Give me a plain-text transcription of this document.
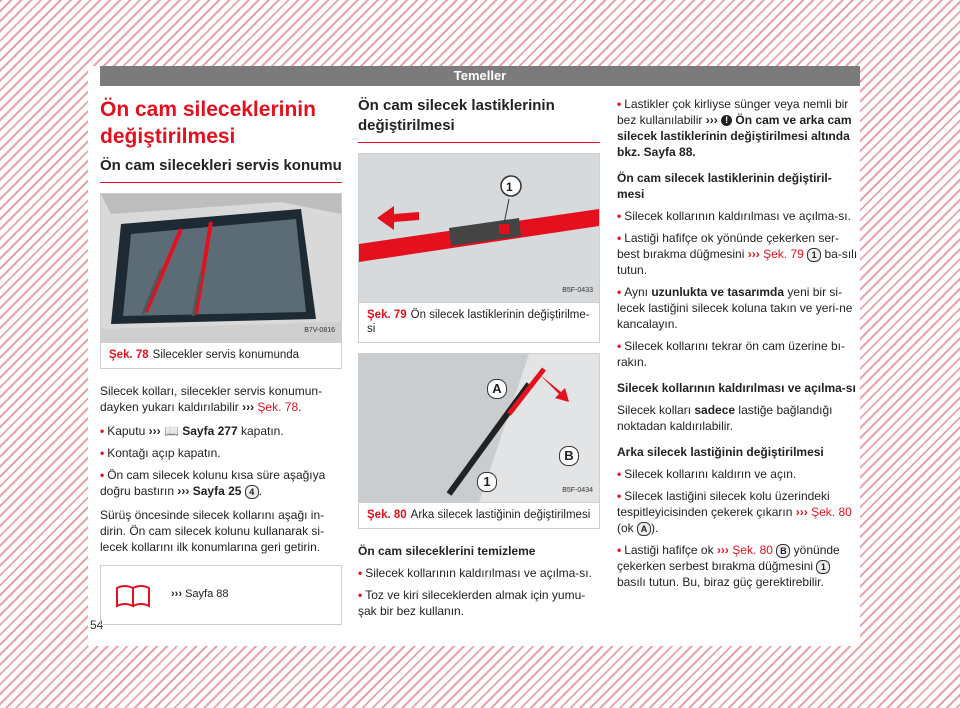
Temeller
54
Ön cam sileceklerinin değiştirilmesi
Ön cam silecekleri servis konumu
B7V-0816
Şek. 78 Silecekler servis konumunda

Silecek kolları, silecekler servis konumun-dayken yukarı kaldırılabilir ››› Şek. 78.

• Kaputu ››› 📖 Sayfa 277 kapatın.
• Kontağı açıp kapatın.
• Ön cam silecek kolunu kısa süre aşağıya doğru bastırın ››› Sayfa 25 4 .

Sürüş öncesinde silecek kollarını aşağı in-dirin. Ön cam silecek kolunu kullanarak si-lecek kollarını ilk konumlarına geri getirin.

››› Sayfa 88
Ön cam silecek lastiklerinin değiştirilmesi
1
B5F-0433
Şek. 79 Ön silecek lastiklerinin değiştirilme-si
A
B
1
B5F-0434
Şek. 80 Arka silecek lastiğinin değiştirilmesi
Ön cam sileceklerini temizleme
• Silecek kollarının kaldırılması ve açılma-sı.
• Toz ve kiri sileceklerden almak için yumu-şak bir bez kullanın.
• Lastikler çok kirliyse sünger veya nemli bir bez kullanılabilir ››› ! Ön cam ve arka cam silecek lastiklerinin değiştirilmesi altında bkz. Sayfa 88.
Ön cam silecek lastiklerinin değiştiril-mesi
• Silecek kollarının kaldırılması ve açılma-sı.
• Lastiği hafifçe ok yönünde çekerken ser-best bırakma düğmesini ››› Şek. 79 1 ba-sılı tutun.
• Aynı uzunlukta ve tasarımda yeni bir si-lecek lastiğini silecek koluna takın ve yeri-ne kancalayın.
• Silecek kollarını tekrar ön cam üzerine bı-rakın.
Silecek kollarının kaldırılması ve açılma-sı

Silecek kolları sadece lastiğe bağlandığı noktadan kaldırılabilir.

Arka silecek lastiğinin değiştirilmesi
• Silecek kollarını kaldırın ve açın.
• Silecek lastiğini silecek kolu üzerindeki tespitleyicisinden çekerek çıkarın ››› Şek. 80 (ok A ).
• Lastiği hafifçe ok ››› Şek. 80 B yönünde çekerken serbest bırakma düğmesini 1 basılı tutun. Bu, biraz güç gerektirebilir.
